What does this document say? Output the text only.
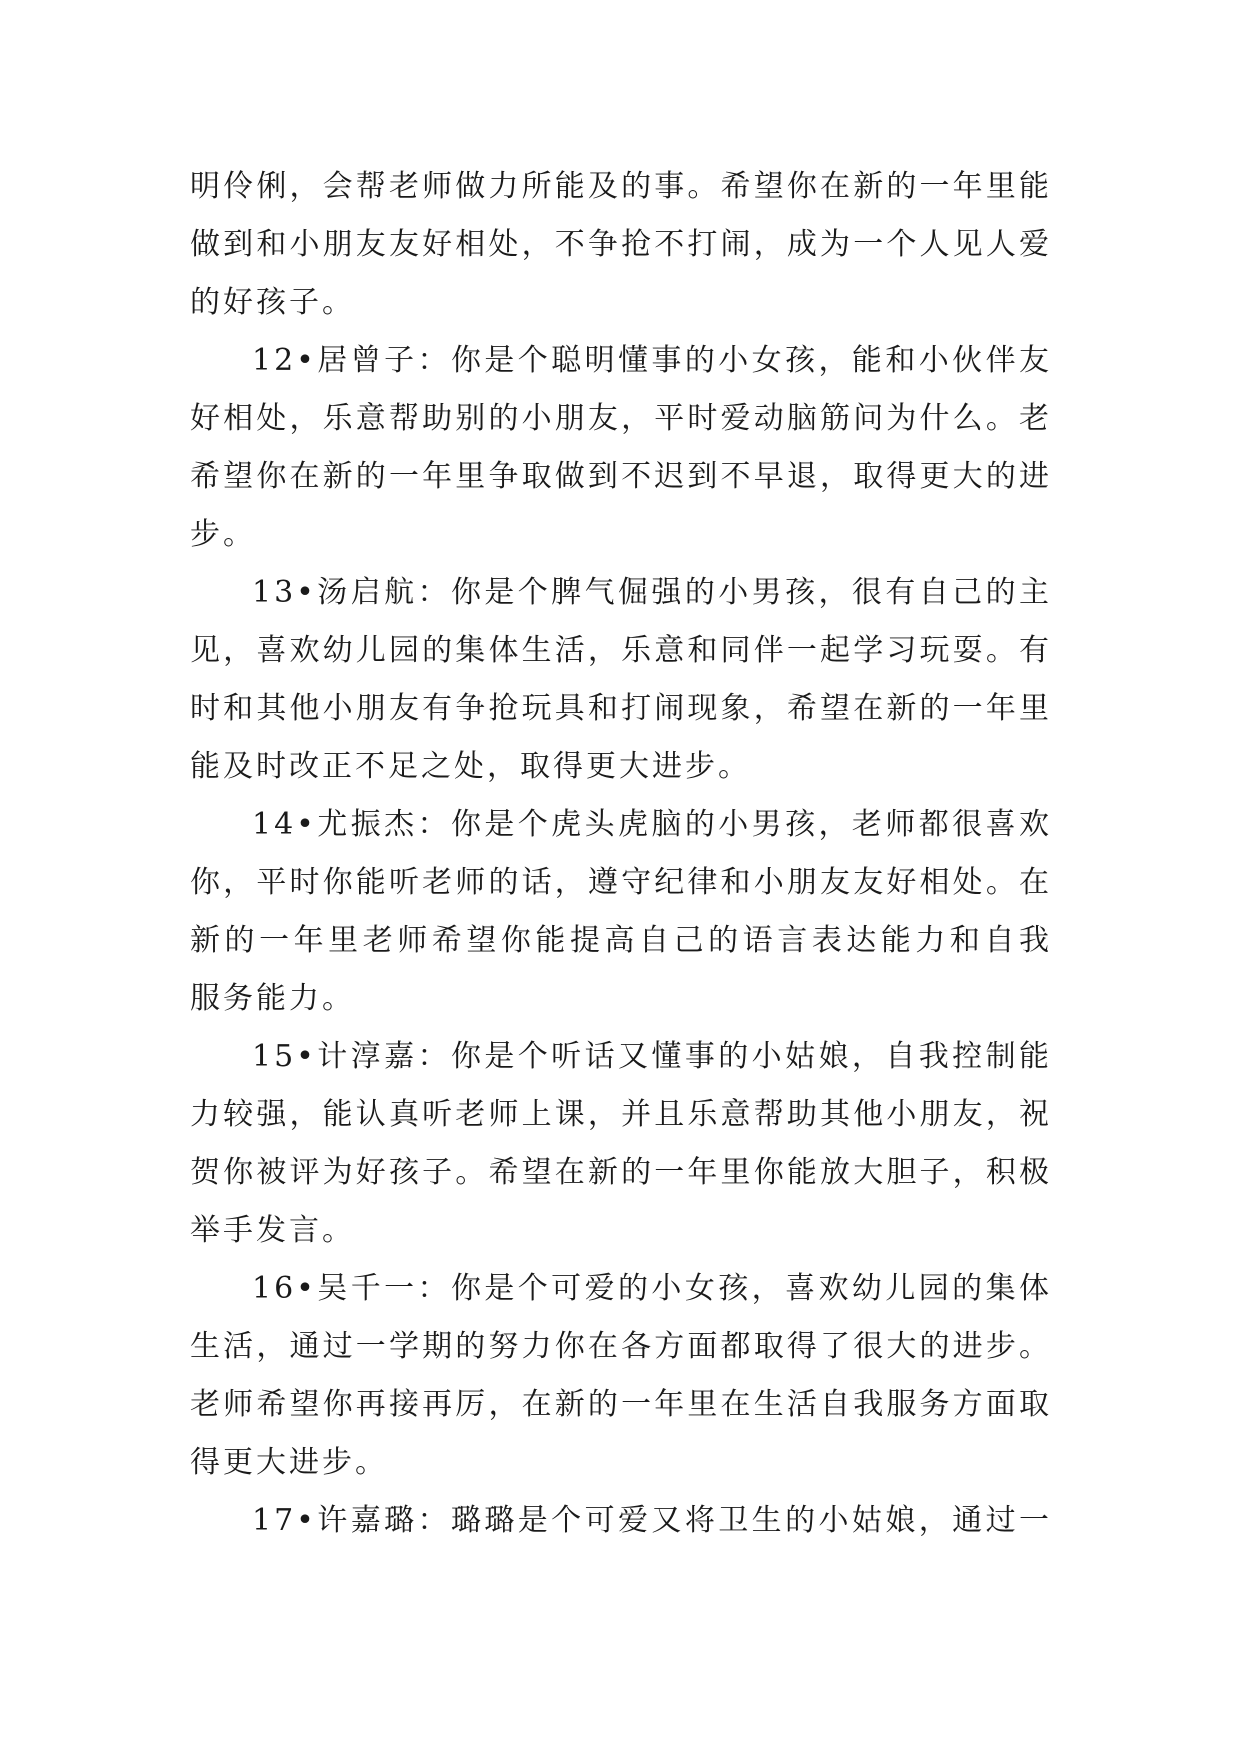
明伶俐，会帮老师做力所能及的事。希望你在新的一年里能
做到和小朋友友好相处，不争抢不打闹，成为一个人见人爱
的好孩子。
12•居曾子：你是个聪明懂事的小女孩，能和小伙伴友
好相处，乐意帮助别的小朋友，平时爱动脑筋问为什么。老
希望你在新的一年里争取做到不迟到不早退，取得更大的进
步。
13•汤启航：你是个脾气倔强的小男孩，很有自己的主
见，喜欢幼儿园的集体生活，乐意和同伴一起学习玩耍。有
时和其他小朋友有争抢玩具和打闹现象，希望在新的一年里
能及时改正不足之处，取得更大进步。
14•尤振杰：你是个虎头虎脑的小男孩，老师都很喜欢
你，平时你能听老师的话，遵守纪律和小朋友友好相处。在
新的一年里老师希望你能提高自己的语言表达能力和自我
服务能力。
15•计淳嘉：你是个听话又懂事的小姑娘，自我控制能
力较强，能认真听老师上课，并且乐意帮助其他小朋友，祝
贺你被评为好孩子。希望在新的一年里你能放大胆子，积极
举手发言。
16•吴千一：你是个可爱的小女孩，喜欢幼儿园的集体
生活，通过一学期的努力你在各方面都取得了很大的进步。
老师希望你再接再厉，在新的一年里在生活自我服务方面取
得更大进步。
17•许嘉璐：璐璐是个可爱又将卫生的小姑娘，通过一
